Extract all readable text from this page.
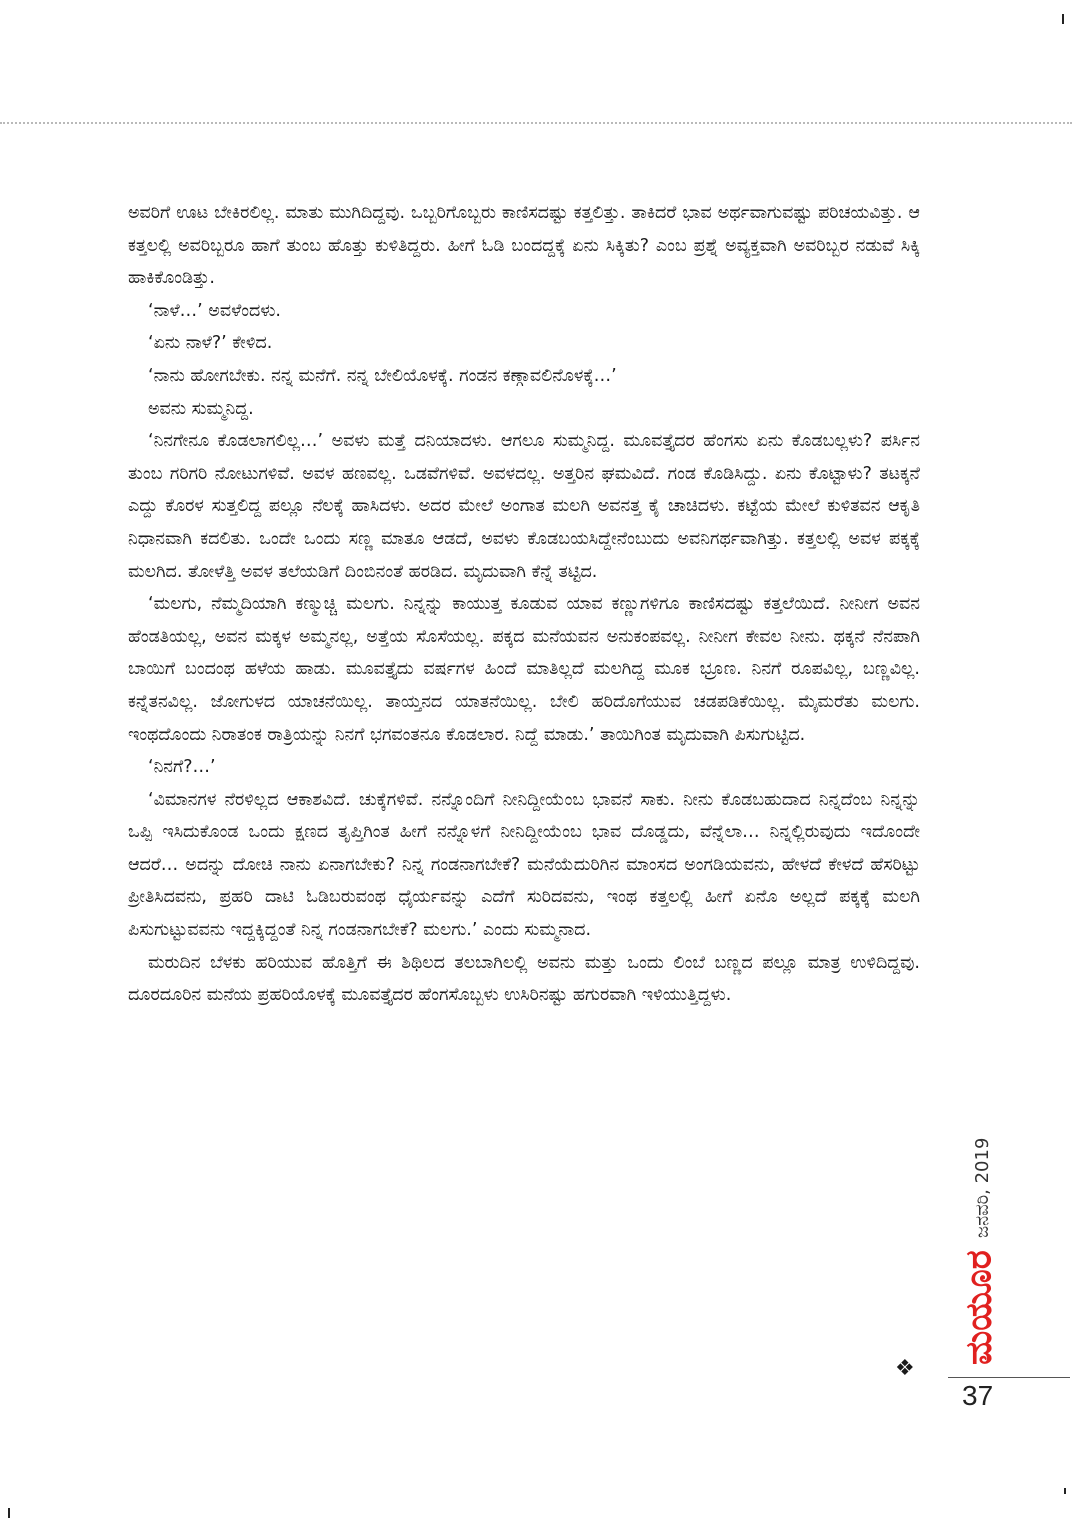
ಅವರಿಗೆ ಊಟ ಬೇಕಿರಲಿಲ್ಲ. ಮಾತು ಮುಗಿದಿದ್ದವು. ಒಬ್ಬರಿಗೊಬ್ಬರು ಕಾಣಿಸದಷ್ಟು ಕತ್ತಲಿತ್ತು. ತಾಕಿದರೆ ಭಾವ ಅರ್ಥವಾಗುವಷ್ಟು ಪರಿಚಯವಿತ್ತು. ಆ ಕತ್ತಲಲ್ಲಿ ಅವರಿಬ್ಬರೂ ಹಾಗೆ ತುಂಬ ಹೊತ್ತು ಕುಳಿತಿದ್ದರು. ಹೀಗೆ ಓಡಿ ಬಂದದ್ದಕ್ಕೆ ಏನು ಸಿಕ್ಕಿತು? ಎಂಬ ಪ್ರಶ್ನೆ ಅವ್ಯಕ್ತವಾಗಿ ಅವರಿಬ್ಬರ ನಡುವೆ ಸಿಕ್ಕಿ ಹಾಕಿಕೊಂಡಿತ್ತು.

‘ನಾಳೆ…’ ಅವಳೆಂದಳು.

‘ಏನು ನಾಳೆ?’ ಕೇಳಿದ.

‘ನಾನು ಹೋಗಬೇಕು. ನನ್ನ ಮನೆಗೆ. ನನ್ನ ಬೇಲಿಯೊಳಕ್ಕೆ. ಗಂಡನ ಕಣ್ಗಾವಲಿನೊಳಕ್ಕೆ…’

ಅವನು ಸುಮ್ಮನಿದ್ದ.

‘ನಿನಗೇನೂ ಕೊಡಲಾಗಲಿಲ್ಲ…’ ಅವಳು ಮತ್ತೆ ದನಿಯಾದಳು. ಆಗಲೂ ಸುಮ್ಮನಿದ್ದ. ಮೂವತ್ತೈದರ ಹೆಂಗಸು ಏನು ಕೊಡಬಲ್ಲಳು? ಪರ್ಸಿನ ತುಂಬ ಗರಿಗರಿ ನೋಟುಗಳಿವೆ. ಅವಳ ಹಣವಲ್ಲ. ಒಡವೆಗಳಿವೆ. ಅವಳದಲ್ಲ. ಅತ್ತರಿನ ಘಮವಿದೆ. ಗಂಡ ಕೊಡಿಸಿದ್ದು. ಏನು ಕೊಟ್ಟಾಳು? ತಟಕ್ಕನೆ ಎದ್ದು ಕೊರಳ ಸುತ್ತಲಿದ್ದ ಪಲ್ಲೂ ನೆಲಕ್ಕೆ ಹಾಸಿದಳು. ಅದರ ಮೇಲೆ ಅಂಗಾತ ಮಲಗಿ ಅವನತ್ತ ಕೈ ಚಾಚಿದಳು. ಕಟ್ಟೆಯ ಮೇಲೆ ಕುಳಿತವನ ಆಕೃತಿ ನಿಧಾನವಾಗಿ ಕದಲಿತು. ಒಂದೇ ಒಂದು ಸಣ್ಣ ಮಾತೂ ಆಡದೆ, ಅವಳು ಕೊಡಬಯಸಿದ್ದೇನೆಂಬುದು ಅವನಿಗರ್ಥವಾಗಿತ್ತು. ಕತ್ತಲಲ್ಲಿ ಅವಳ ಪಕ್ಕಕ್ಕೆ ಮಲಗಿದ. ತೋಳೆತ್ತಿ ಅವಳ ತಲೆಯಡಿಗೆ ದಿಂಬಿನಂತೆ ಹರಡಿದ. ಮೃದುವಾಗಿ ಕೆನ್ನೆ ತಟ್ಟಿದ.

‘ಮಲಗು, ನೆಮ್ಮದಿಯಾಗಿ ಕಣ್ಮುಚ್ಚಿ ಮಲಗು. ನಿನ್ನನ್ನು ಕಾಯುತ್ತ ಕೂಡುವ ಯಾವ ಕಣ್ಣುಗಳಿಗೂ ಕಾಣಿಸದಷ್ಟು ಕತ್ತಲೆಯಿದೆ. ನೀನೀಗ ಅವನ ಹೆಂಡತಿಯಲ್ಲ, ಅವನ ಮಕ್ಕಳ ಅಮ್ಮನಲ್ಲ, ಅತ್ತೆಯ ಸೊಸೆಯಲ್ಲ. ಪಕ್ಕದ ಮನೆಯವನ ಅನುಕಂಪವಲ್ಲ. ನೀನೀಗ ಕೇವಲ ನೀನು. ಥಕ್ಕನೆ ನೆನಪಾಗಿ ಬಾಯಿಗೆ ಬಂದಂಥ ಹಳೆಯ ಹಾಡು. ಮೂವತ್ತೈದು ವರ್ಷಗಳ ಹಿಂದೆ ಮಾತಿಲ್ಲದೆ ಮಲಗಿದ್ದ ಮೂಕ ಭ್ರೂಣ. ನಿನಗೆ ರೂಪವಿಲ್ಲ, ಬಣ್ಣವಿಲ್ಲ. ಕನ್ನೆತನವಿಲ್ಲ. ಜೋಗುಳದ ಯಾಚನೆಯಿಲ್ಲ. ತಾಯ್ತನದ ಯಾತನೆಯಿಲ್ಲ. ಬೇಲಿ ಹರಿದೊಗೆಯುವ ಚಡಪಡಿಕೆಯಿಲ್ಲ. ಮೈಮರೆತು ಮಲಗು. ಇಂಥದೊಂದು ನಿರಾತಂಕ ರಾತ್ರಿಯನ್ನು ನಿನಗೆ ಭಗವಂತನೂ ಕೊಡಲಾರ. ನಿದ್ದೆ ಮಾಡು.’ ತಾಯಿಗಿಂತ ಮೃದುವಾಗಿ ಪಿಸುಗುಟ್ಟಿದ.

‘ನಿನಗೆ?…’

‘ವಿಮಾನಗಳ ನೆರಳಿಲ್ಲದ ಆಕಾಶವಿದೆ. ಚುಕ್ಕೆಗಳಿವೆ. ನನ್ನೊಂದಿಗೆ ನೀನಿದ್ದೀಯೆಂಬ ಭಾವನೆ ಸಾಕು. ನೀನು ಕೊಡಬಹುದಾದ ನಿನ್ನದೆಂಬ ನಿನ್ನನ್ನು ಒಪ್ಪಿ ಇಸಿದುಕೊಂಡ ಒಂದು ಕ್ಷಣದ ತೃಪ್ತಿಗಿಂತ ಹೀಗೆ ನನ್ನೊಳಗೆ ನೀನಿದ್ದೀಯೆಂಬ ಭಾವ ದೊಡ್ಡದು, ವೆನ್ನೆಲಾ… ನಿನ್ನಲ್ಲಿರುವುದು ಇದೊಂದೇ ಆದರೆ… ಅದನ್ನು ದೋಚಿ ನಾನು ಏನಾಗಬೇಕು? ನಿನ್ನ ಗಂಡನಾಗಬೇಕೆ? ಮನೆಯೆದುರಿಗಿನ ಮಾಂಸದ ಅಂಗಡಿಯವನು, ಹೇಳದೆ ಕೇಳದೆ ಹೆಸರಿಟ್ಟು ಪ್ರೀತಿಸಿದವನು, ಪ್ರಹರಿ ದಾಟಿ ಓಡಿಬರುವಂಥ ಧೈರ್ಯವನ್ನು ಎದೆಗೆ ಸುರಿದವನು, ಇಂಥ ಕತ್ತಲಲ್ಲಿ ಹೀಗೆ ಏನೊ ಅಲ್ಲದೆ ಪಕ್ಕಕ್ಕೆ ಮಲಗಿ ಪಿಸುಗುಟ್ಟುವವನು ಇದ್ದಕ್ಕಿದ್ದಂತೆ ನಿನ್ನ ಗಂಡನಾಗಬೇಕೆ? ಮಲಗು.’ ಎಂದು ಸುಮ್ಮನಾದ.

ಮರುದಿನ ಬೆಳಕು ಹರಿಯುವ ಹೊತ್ತಿಗೆ ಈ ಶಿಥಿಲದ ತಲಬಾಗಿಲಲ್ಲಿ ಅವನು ಮತ್ತು ಒಂದು ಲಿಂಬೆ ಬಣ್ಣದ ಪಲ್ಲೂ ಮಾತ್ರ ಉಳಿದಿದ್ದವು. ದೂರದೂರಿನ ಮನೆಯ ಪ್ರಹರಿಯೊಳಕ್ಕೆ ಮೂವತ್ತೈದರ ಹೆಂಗಸೊಬ್ಬಳು ಉಸಿರಿನಷ್ಟು ಹಗುರವಾಗಿ ಇಳಿಯುತ್ತಿದ್ದಳು.

❖
ಜನವರಿ, 2019
ಮಯೂರ
37
